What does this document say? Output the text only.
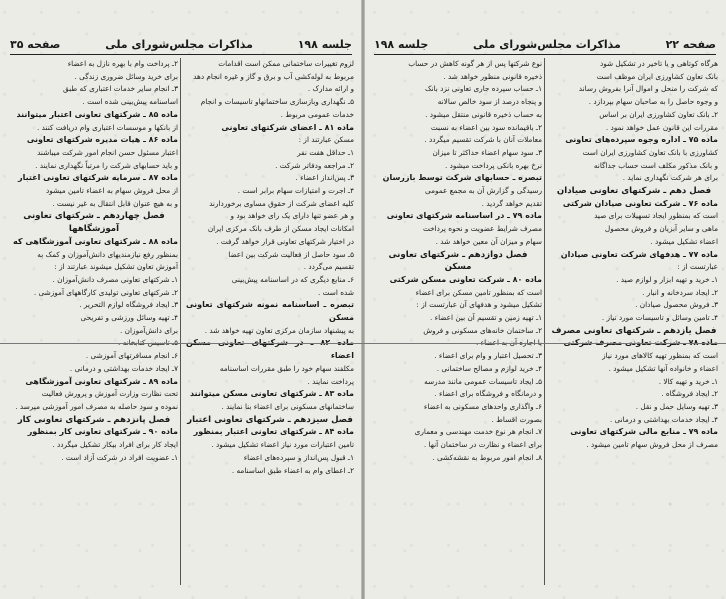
جلسه ۱۹۸
مذاکرات مجلس‌شورای ملی
صفحه ۳۵

لزوم تغییرات ساختمانی ممکن است اقدامات

مربوط به لوله‌کشی آب و برق و گاز و غیره انجام دهد

و ارائه مدارک .

۵ـ نگهداری وبازسازی ساختمانهاو تاسیسات و انجام

خدمات عمومی مربوط .

ماده ۸۱ ـ اعضای شرکتهای تعاونی

مسکن عبارتند از :

۱ـ حداقل هفت نفر

۲ـ مراجعه ودفاتر شرکت .

۳ـ پس‌انداز اعضاء .

۴ـ اجرت و امتیازات سهام برابر است .

کلیه اعضای شرکت از حقوق مساوی برخوردارند

و هر عضو تنها دارای یک رای خواهد بود و

امکانات ایجاد مسکن از طرف بانک مرکزی ایران

در اختیار شرکتهای تعاونی قرار خواهد گرفت .

۵ـ سود حاصل از فعالیت شرکت بین اعضا

تقسیم می‌گردد .

۶ـ منابع دیگری که در اساسنامه پیش‌بینی

شده است .

تبصره ـ اساسنامه نمونه شرکتهای تعاونی مسکن

به پیشنهاد سازمان مرکزی تعاون تهیه خواهد شد .

ماده ۸۲ ـ در شرکتهای تعاونی مسکن اعضاء

مکلفند سهام خود را طبق مقررات اساسنامه

پرداخت نمایند .

ماده ۸۳ ـ شرکتهای تعاونی مسکن میتوانند

ساختمانهای مسکونی برای اعضاء بنا نمایند .

فصل سیزدهم ـ شرکتهای تعاونی اعتبار

ماده ۸۴ ـ شرکتهای تعاونی اعتبار بمنظور

تامین اعتبارات مورد نیاز اعضاء تشکیل میشود .

۱ـ قبول پس‌انداز و سپرده‌های اعضاء

۲ـ اعطای وام به اعضاء طبق اساسنامه .

۲ـ پرداخت وام با بهره نازل به اعضاء

برای خرید وسائل ضروری زندگی .

۳ـ انجام سایر خدمات اعتباری که طبق

اساسنامه پیش‌بینی شده است .

ماده ۸۵ ـ شرکتهای تعاونی اعتبار میتوانند

از بانکها و موسسات اعتباری وام دریافت کنند .

ماده ۸۶ ـ هیات مدیره شرکتهای تعاونی

اعتبار مسئول حسن انجام امور شرکت میباشند

و باید حسابهای شرکت را مرتباً نگهداری نمایند .

ماده ۸۷ ـ سرمایه شرکتهای تعاونی اعتبار

از محل فروش سهام به اعضاء تامین میشود

و به هیچ عنوان قابل انتقال به غیر نیست .

فصل چهاردهم ـ شرکتهای تعاونی آموزشگاهها

ماده ۸۸ ـ شرکتهای تعاونی آموزشگاهی که

بمنظور رفع نیازمندیهای دانش‌آموزان و کمک به

آموزش تعاون تشکیل میشوند عبارتند از :

۱ـ شرکتهای تعاونی مصرف دانش‌آموزان .

۲ـ شرکتهای تعاونی تولیدی کارگاههای آموزشی .

۳ـ ایجاد فروشگاه لوازم التحریر .

۴ـ تهیه وسائل ورزشی و تفریحی

برای دانش‌آموزان .

۵ـ تاسیس کتابخانه .

۶ـ انجام مسافرتهای آموزشی .

۷ـ ایجاد خدمات بهداشتی و درمانی .

ماده ۸۹ ـ شرکتهای تعاونی آموزشگاهی

تحت نظارت وزارت آموزش و پرورش فعالیت

نموده و سود حاصله به مصرف امور آموزشی میرسد .

فصل پانزدهم ـ شرکتهای تعاونی کار

ماده ۹۰ ـ شرکتهای تعاونی کار بمنظور

ایجاد کار برای افراد بیکار تشکیل میگردد .

۱ـ عضویت افراد در شرکت آزاد است .

صفحه ۲۲
مذاکرات مجلس‌شورای ملی
جلسه ۱۹۸

هرگاه کوتاهی و یا تاخیر در تشکیل شود

بانک تعاون کشاورزی ایران موظف است

که شرکت را منحل و اموال آنرا بفروش رساند

و وجوه حاصل را به صاحبان سهام بپردازد .

۲ـ بانک تعاون کشاورزی ایران بر اساس

مقررات این قانون عمل خواهد نمود .

ماده ۷۵ ـ اداره وجوه سپرده‌های تعاونی

کشاورزی با بانک تعاون کشاورزی ایران است

و بانک مذکور مکلف است حساب جداگانه

برای هر شرکت نگهداری نماید .

فصل دهم ـ شرکتهای تعاونی صیادان

ماده ۷۶ ـ شرکت تعاونی صیادان شرکتی

است که بمنظور ایجاد تسهیلات برای صید

ماهی و سایر آبزیان و فروش محصول

اعضاء تشکیل میشود .

ماده ۷۷ ـ هدفهای شرکت تعاونی صیادان

عبارتست از :

۱ـ خرید و تهیه ابزار و لوازم صید .

۲ـ ایجاد سردخانه و انبار .

۳ـ فروش محصول صیادان .

۴ـ تامین وسائل و تاسیسات مورد نیاز .

فصل یازدهم ـ شرکتهای تعاونی مصرف

ماده ۷۸ ـ شرکت تعاونی مصرف شرکتی

است که بمنظور تهیه کالاهای مورد نیاز

اعضاء و خانواده آنها تشکیل میشود .

۱ـ خرید و تهیه کالا .

۲ـ ایجاد فروشگاه .

۳ـ تهیه وسایل حمل و نقل .

۴ـ ایجاد خدمات بهداشتی و درمانی .

ماده ۷۹ ـ منابع مالی شرکتهای تعاونی

مصرف از محل فروش سهام تامین میشود .

نوع شرکتها پس از هر گونه کاهش در حساب

ذخیره قانونی منظور خواهد شد .

۱ـ حساب سپرده جاری تعاونی نزد بانک

و پنجاه درصد از سود خالص سالانه

به حساب ذخیره قانونی منتقل میشود .

۲ـ باقیمانده سود بین اعضاء به نسبت

معاملات آنان با شرکت تقسیم میگردد .

۳ـ سود سهام اعضاء حداکثر تا میزان

نرخ بهره بانکی پرداخت میشود .

تبصره ـ حسابهای شرکت توسط بازرسان

رسیدگی و گزارش آن به مجمع عمومی

تقدیم خواهد گردید .

ماده ۷۹ ـ در اساسنامه شرکتهای تعاونی

مصرف شرایط عضویت و نحوه پرداخت

سهام و میزان آن معین خواهد شد .

فصل دوازدهم ـ شرکتهای تعاونی مسکن

ماده ۸۰ ـ شرکت تعاونی مسکن شرکتی

است که بمنظور تامین مسکن برای اعضاء

تشکیل میشود و هدفهای آن عبارتست از :

۱ـ تهیه زمین و تقسیم آن بین اعضاء .

۲ـ ساختمان خانه‌های مسکونی و فروش

یا اجاره آن به اعضاء .

۳ـ تحصیل اعتبار و وام برای اعضاء .

۴ـ خرید لوازم و مصالح ساختمانی .

۵ـ ایجاد تاسیسات عمومی مانند مدرسه

و درمانگاه و فروشگاه برای اعضاء .

۶ـ واگذاری واحدهای مسکونی به اعضاء

بصورت اقساط .

۷ـ انجام هر نوع خدمت مهندسی و معماری

برای اعضاء و نظارت در ساختمان آنها .

۸ـ انجام امور مربوط به نقشه‌کشی .
